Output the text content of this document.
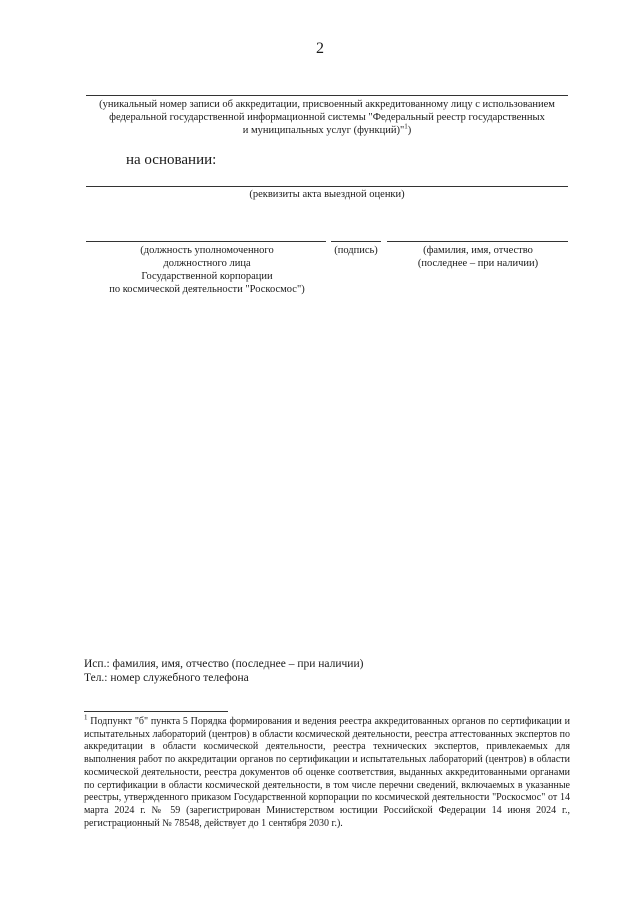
2
(уникальный номер записи об аккредитации, присвоенный аккредитованному лицу с использованием
федеральной государственной информационной системы "Федеральный реестр государственных
и муниципальных услуг (функций)"$^1$)
на основании:
(реквизиты акта выездной оценки)
(должность уполномоченного
должностного лица
Государственной корпорации
по космической деятельности "Роскосмос")
(подпись)	(фамилия, имя, отчество
(последнее – при наличии)
Исп.: фамилия, имя, отчество (последнее – при наличии)
Тел.: номер служебного телефона
$^1$ Подпункт "б" пункта 5 Порядка формирования и ведения реестра аккредитованных органов по сертификации и испытательных лабораторий (центров) в области космической деятельности, реестра аттестованных экспертов по аккредитации в области космической деятельности, реестра технических экспертов, привлекаемых для выполнения работ по аккредитации органов по сертификации и испытательных лабораторий (центров) в области космической деятельности, реестра документов об оценке соответствия, выданных аккредитованными органами по сертификации в области космической деятельности, в том числе перечни сведений, включаемых в указанные реестры, утвержденного приказом Государственной корпорации по космической деятельности "Роскосмос" от 14 марта 2024 г. № 59 (зарегистрирован Министерством юстиции Российской Федерации 14 июня 2024 г., регистрационный № 78548, действует до 1 сентября 2030 г.).
